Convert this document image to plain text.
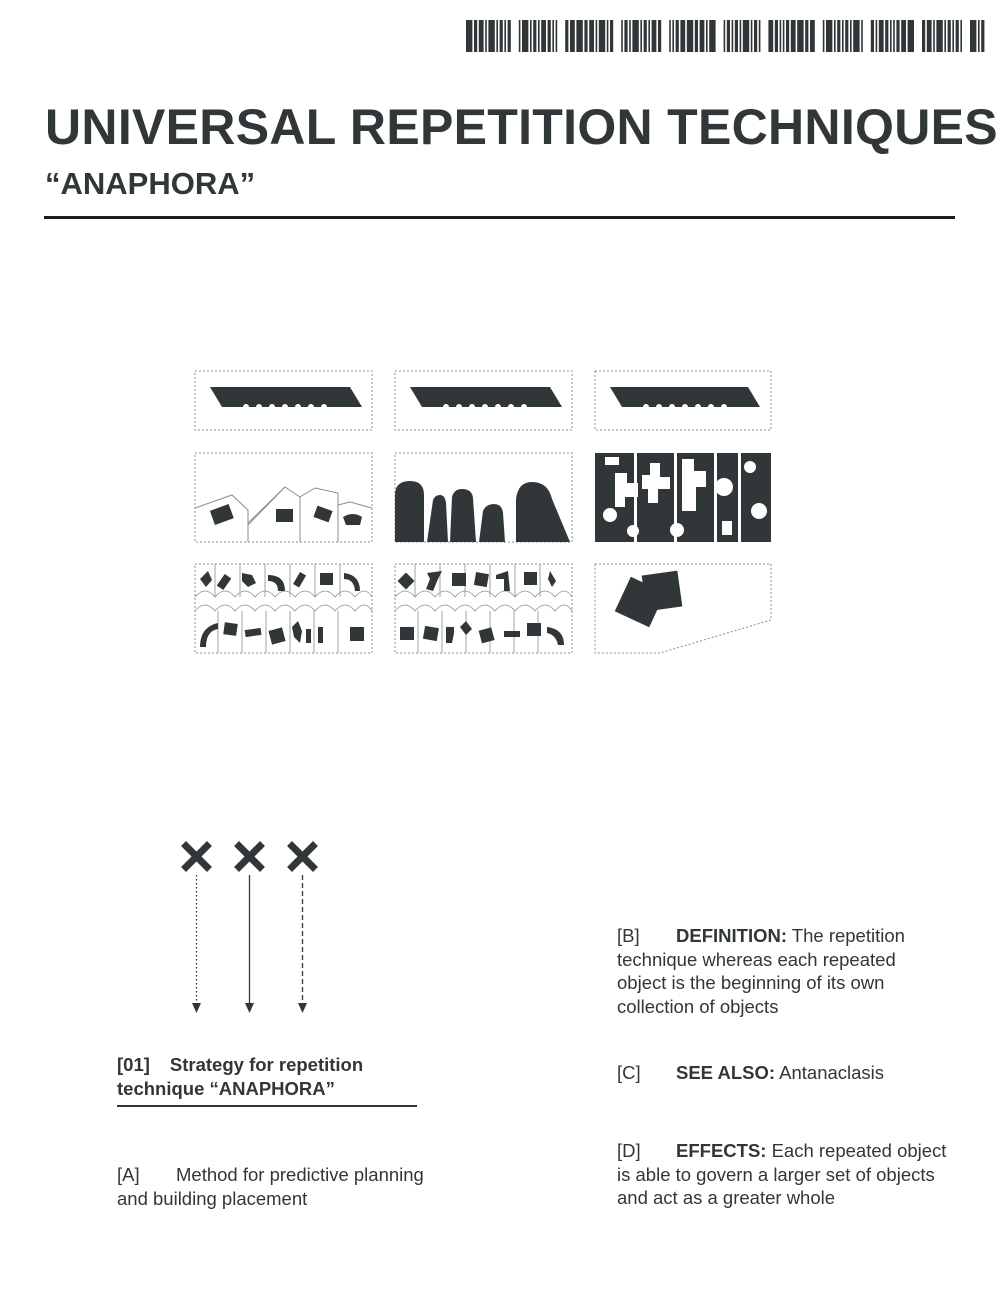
UNIVERSAL REPETITION TECHNIQUES
“ANAPHORA”
[01] Strategy for repetition
technique “ANAPHORA”
[A] Method for predictive planning and building placement
[B] DEFINITION: The repetition technique whereas each repeated object is the beginning of its own collection of objects
[C] SEE ALSO: Antanaclasis
[D] EFFECTS: Each repeated object is able to govern a larger set of objects and act as a greater whole
